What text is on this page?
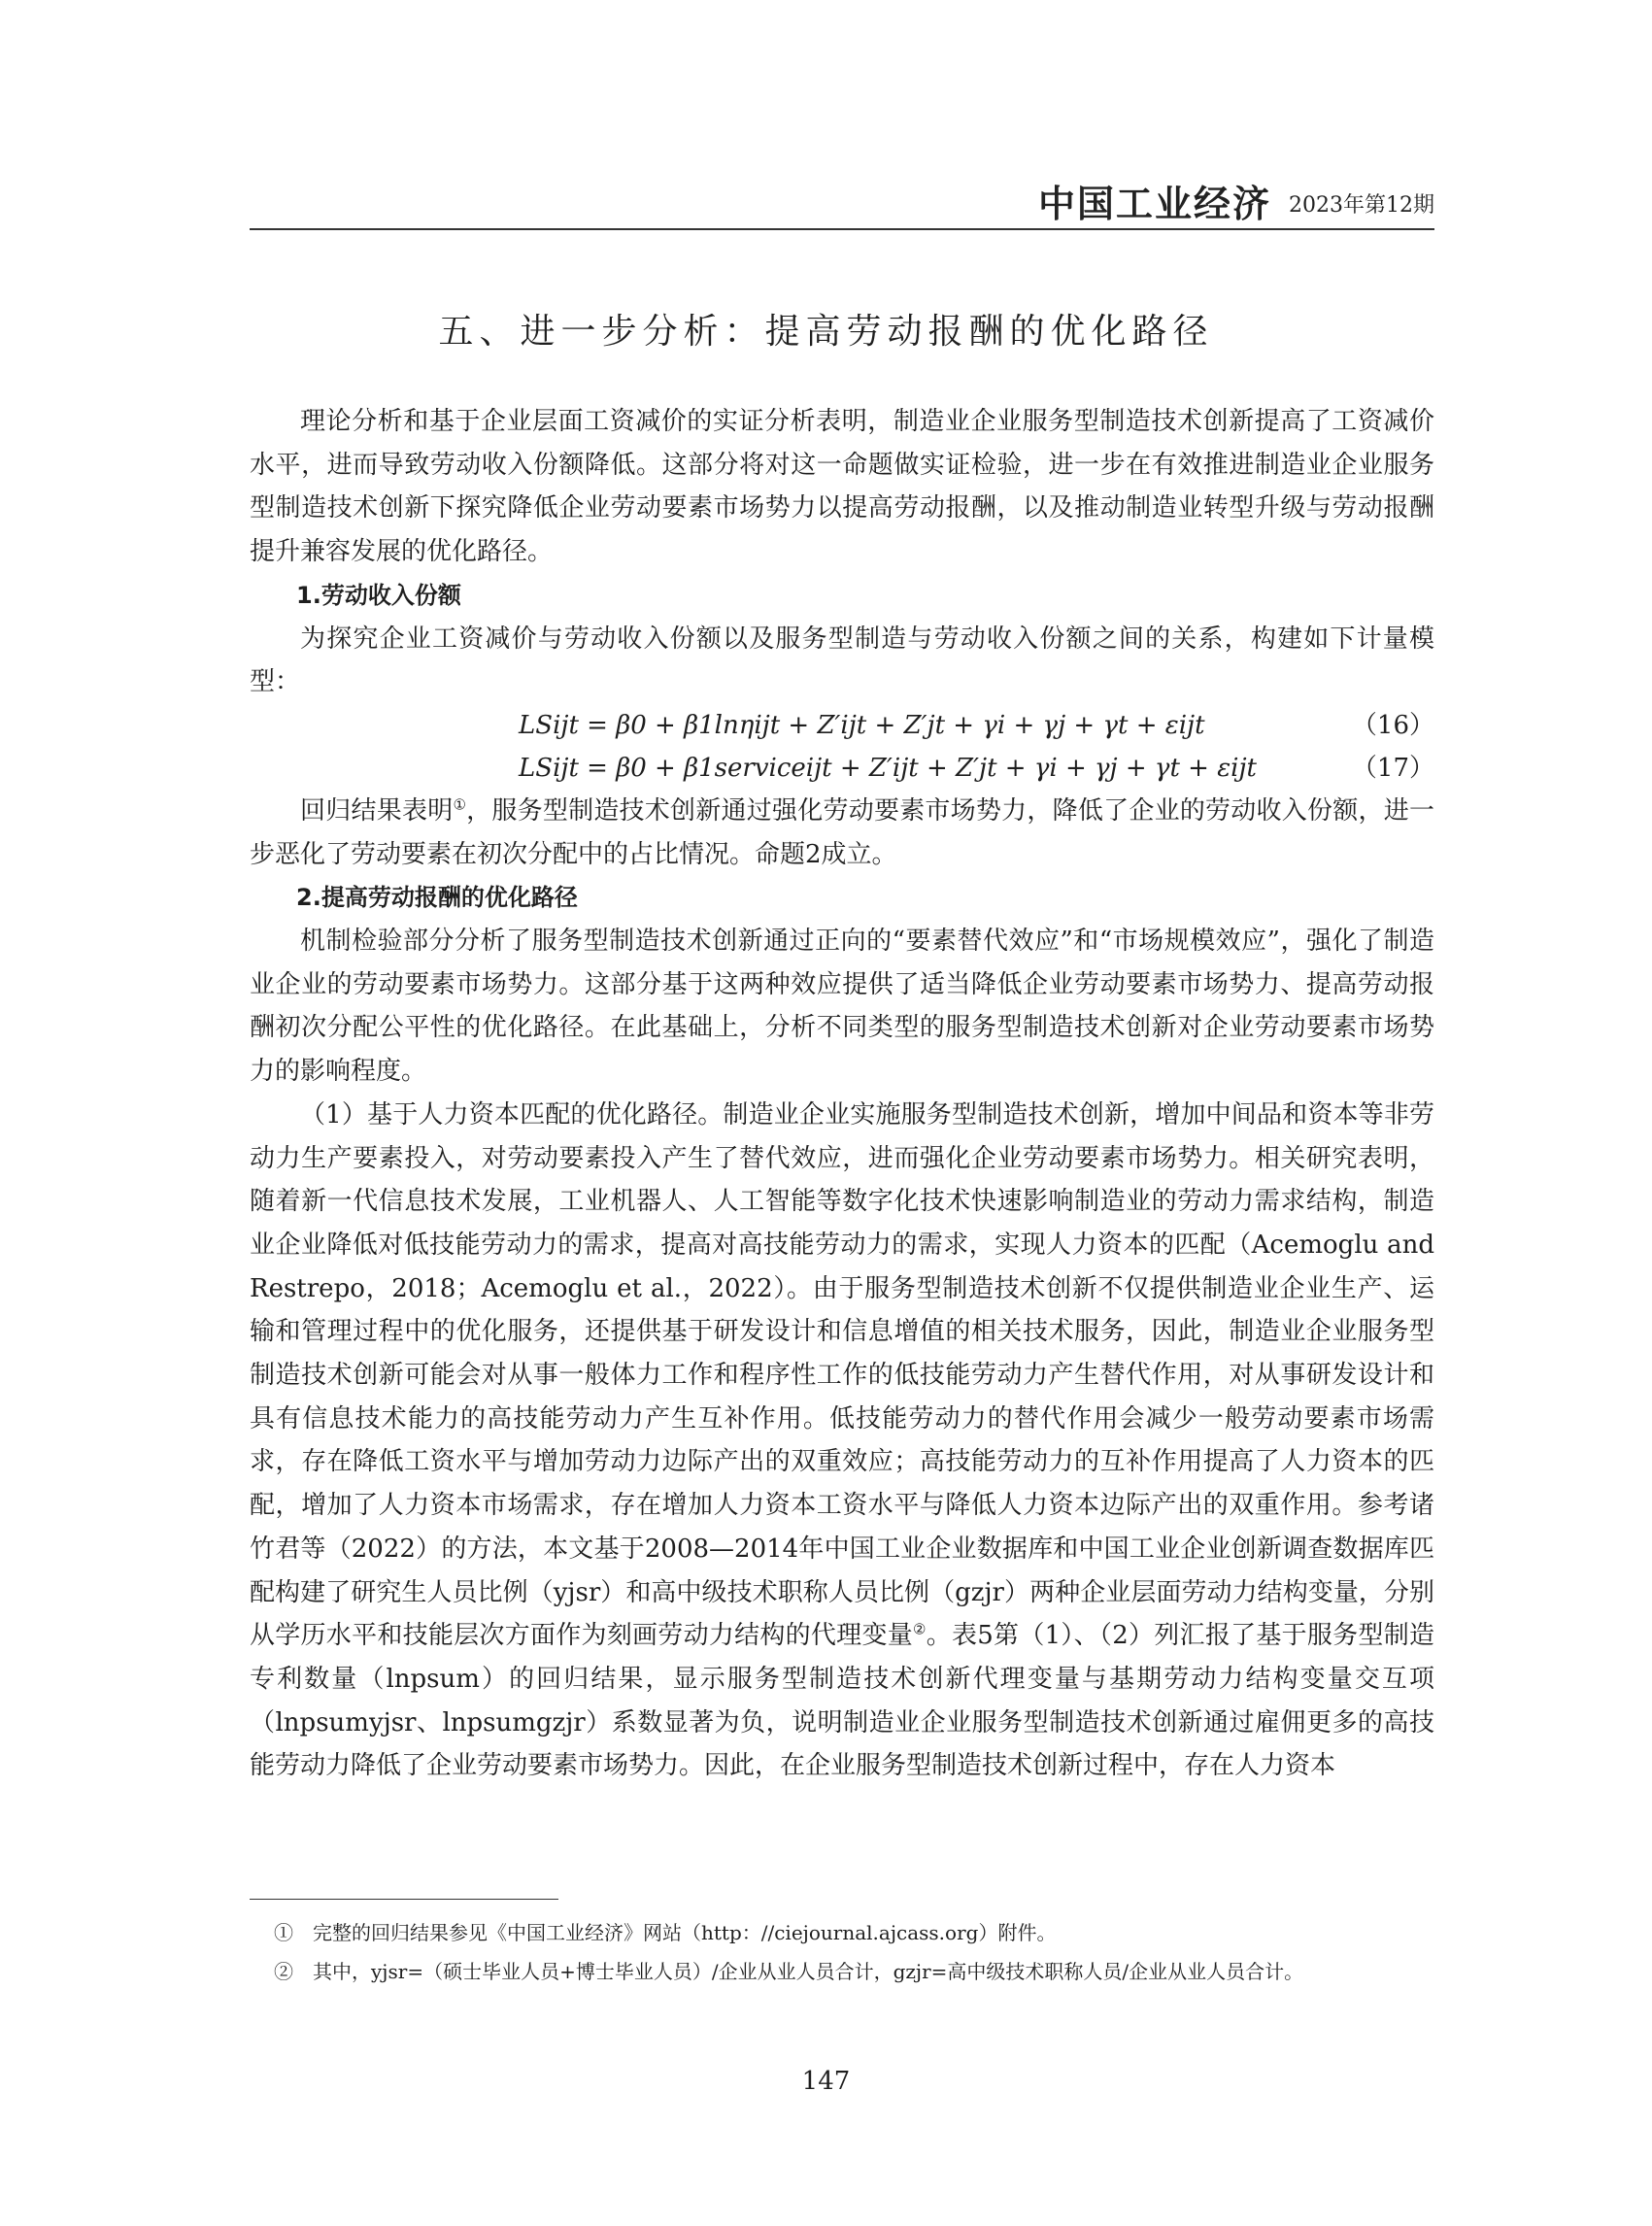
中国工业经济 2023年第12期
五、进一步分析：提高劳动报酬的优化路径

理论分析和基于企业层面工资减价的实证分析表明，制造业企业服务型制造技术创新提高了工资减价水平，进而导致劳动收入份额降低。这部分将对这一命题做实证检验，进一步在有效推进制造业企业服务型制造技术创新下探究降低企业劳动要素市场势力以提高劳动报酬，以及推动制造业转型升级与劳动报酬提升兼容发展的优化路径。

1.劳动收入份额

为探究企业工资减价与劳动收入份额以及服务型制造与劳动收入份额之间的关系，构建如下计量模型：

LSijt = β0 + β1lnηijt + Z′ijt + Z′jt + γi + γj + γt + εijt	（16）
LSijt = β0 + β1serviceijt + Z′ijt + Z′jt + γi + γj + γt + εijt	（17）

回归结果表明①，服务型制造技术创新通过强化劳动要素市场势力，降低了企业的劳动收入份额，进一步恶化了劳动要素在初次分配中的占比情况。命题2成立。

2.提高劳动报酬的优化路径

机制检验部分分析了服务型制造技术创新通过正向的“要素替代效应”和“市场规模效应”，强化了制造业企业的劳动要素市场势力。这部分基于这两种效应提供了适当降低企业劳动要素市场势力、提高劳动报酬初次分配公平性的优化路径。在此基础上，分析不同类型的服务型制造技术创新对企业劳动要素市场势力的影响程度。

（1）基于人力资本匹配的优化路径。制造业企业实施服务型制造技术创新，增加中间品和资本等非劳动力生产要素投入，对劳动要素投入产生了替代效应，进而强化企业劳动要素市场势力。相关研究表明，随着新一代信息技术发展，工业机器人、人工智能等数字化技术快速影响制造业的劳动力需求结构，制造业企业降低对低技能劳动力的需求，提高对高技能劳动力的需求，实现人力资本的匹配（Acemoglu and Restrepo，2018；Acemoglu et al.，2022）。由于服务型制造技术创新不仅提供制造业企业生产、运输和管理过程中的优化服务，还提供基于研发设计和信息增值的相关技术服务，因此，制造业企业服务型制造技术创新可能会对从事一般体力工作和程序性工作的低技能劳动力产生替代作用，对从事研发设计和具有信息技术能力的高技能劳动力产生互补作用。低技能劳动力的替代作用会减少一般劳动要素市场需求，存在降低工资水平与增加劳动力边际产出的双重效应；高技能劳动力的互补作用提高了人力资本的匹配，增加了人力资本市场需求，存在增加人力资本工资水平与降低人力资本边际产出的双重作用。参考诸竹君等（2022）的方法，本文基于2008—2014年中国工业企业数据库和中国工业企业创新调查数据库匹配构建了研究生人员比例（yjsr）和高中级技术职称人员比例（gzjr）两种企业层面劳动力结构变量，分别从学历水平和技能层次方面作为刻画劳动力结构的代理变量②。表5第（1）、（2）列汇报了基于服务型制造专利数量（lnpsum）的回归结果，显示服务型制造技术创新代理变量与基期劳动力结构变量交互项（lnpsumyjsr、lnpsumgzjr）系数显著为负，说明制造业企业服务型制造技术创新通过雇佣更多的高技能劳动力降低了企业劳动要素市场势力。因此，在企业服务型制造技术创新过程中，存在人力资本

①　完整的回归结果参见《中国工业经济》网站（http：//ciejournal.ajcass.org）附件。
②　其中，yjsr=（硕士毕业人员+博士毕业人员）/企业从业人员合计，gzjr=高中级技术职称人员/企业从业人员合计。
147
